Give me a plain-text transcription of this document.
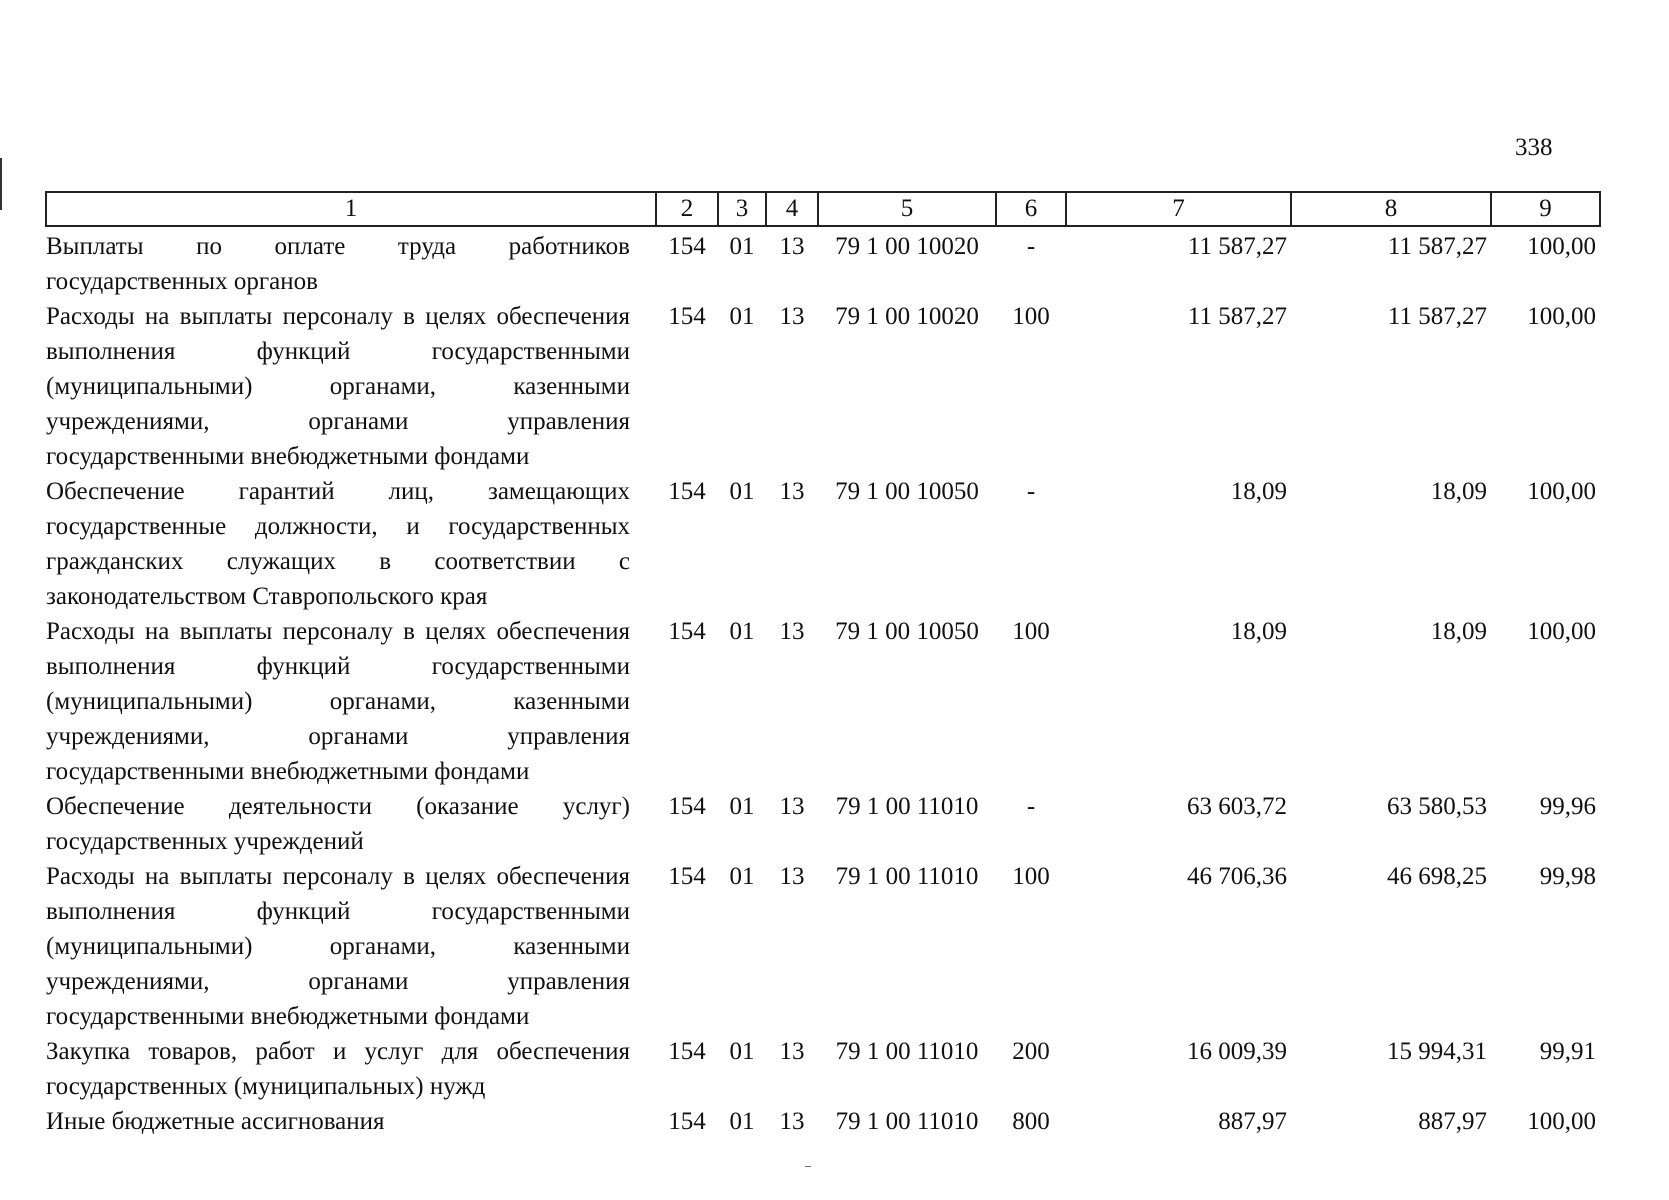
338
1	2	3	4	5	6	7	8	9
Выплаты по оплате труда работников государственных органов	154	01	13	79 1 00 10020	-	11 587,27	11 587,27	100,00
Расходы на выплаты персоналу в целях обеспечения выполнения функций государственными (муниципальными) органами, казенными учреждениями, органами управления государственными внебюджетными фондами	154	01	13	79 1 00 10020	100	11 587,27	11 587,27	100,00
Обеспечение гарантий лиц, замещающих государственные должности, и государственных гражданских служащих в соответствии с законодательством Ставропольского края	154	01	13	79 1 00 10050	-	18,09	18,09	100,00
Расходы на выплаты персоналу в целях обеспечения выполнения функций государственными (муниципальными) органами, казенными учреждениями, органами управления государственными внебюджетными фондами	154	01	13	79 1 00 10050	100	18,09	18,09	100,00
Обеспечение деятельности (оказание услуг) государственных учреждений	154	01	13	79 1 00 11010	-	63 603,72	63 580,53	99,96
Расходы на выплаты персоналу в целях обеспечения выполнения функций государственными (муниципальными) органами, казенными учреждениями, органами управления государственными внебюджетными фондами	154	01	13	79 1 00 11010	100	46 706,36	46 698,25	99,98
Закупка товаров, работ и услуг для обеспечения государственных (муниципальных) нужд	154	01	13	79 1 00 11010	200	16 009,39	15 994,31	99,91
Иные бюджетные ассигнования	154	01	13	79 1 00 11010	800	887,97	887,97	100,00
